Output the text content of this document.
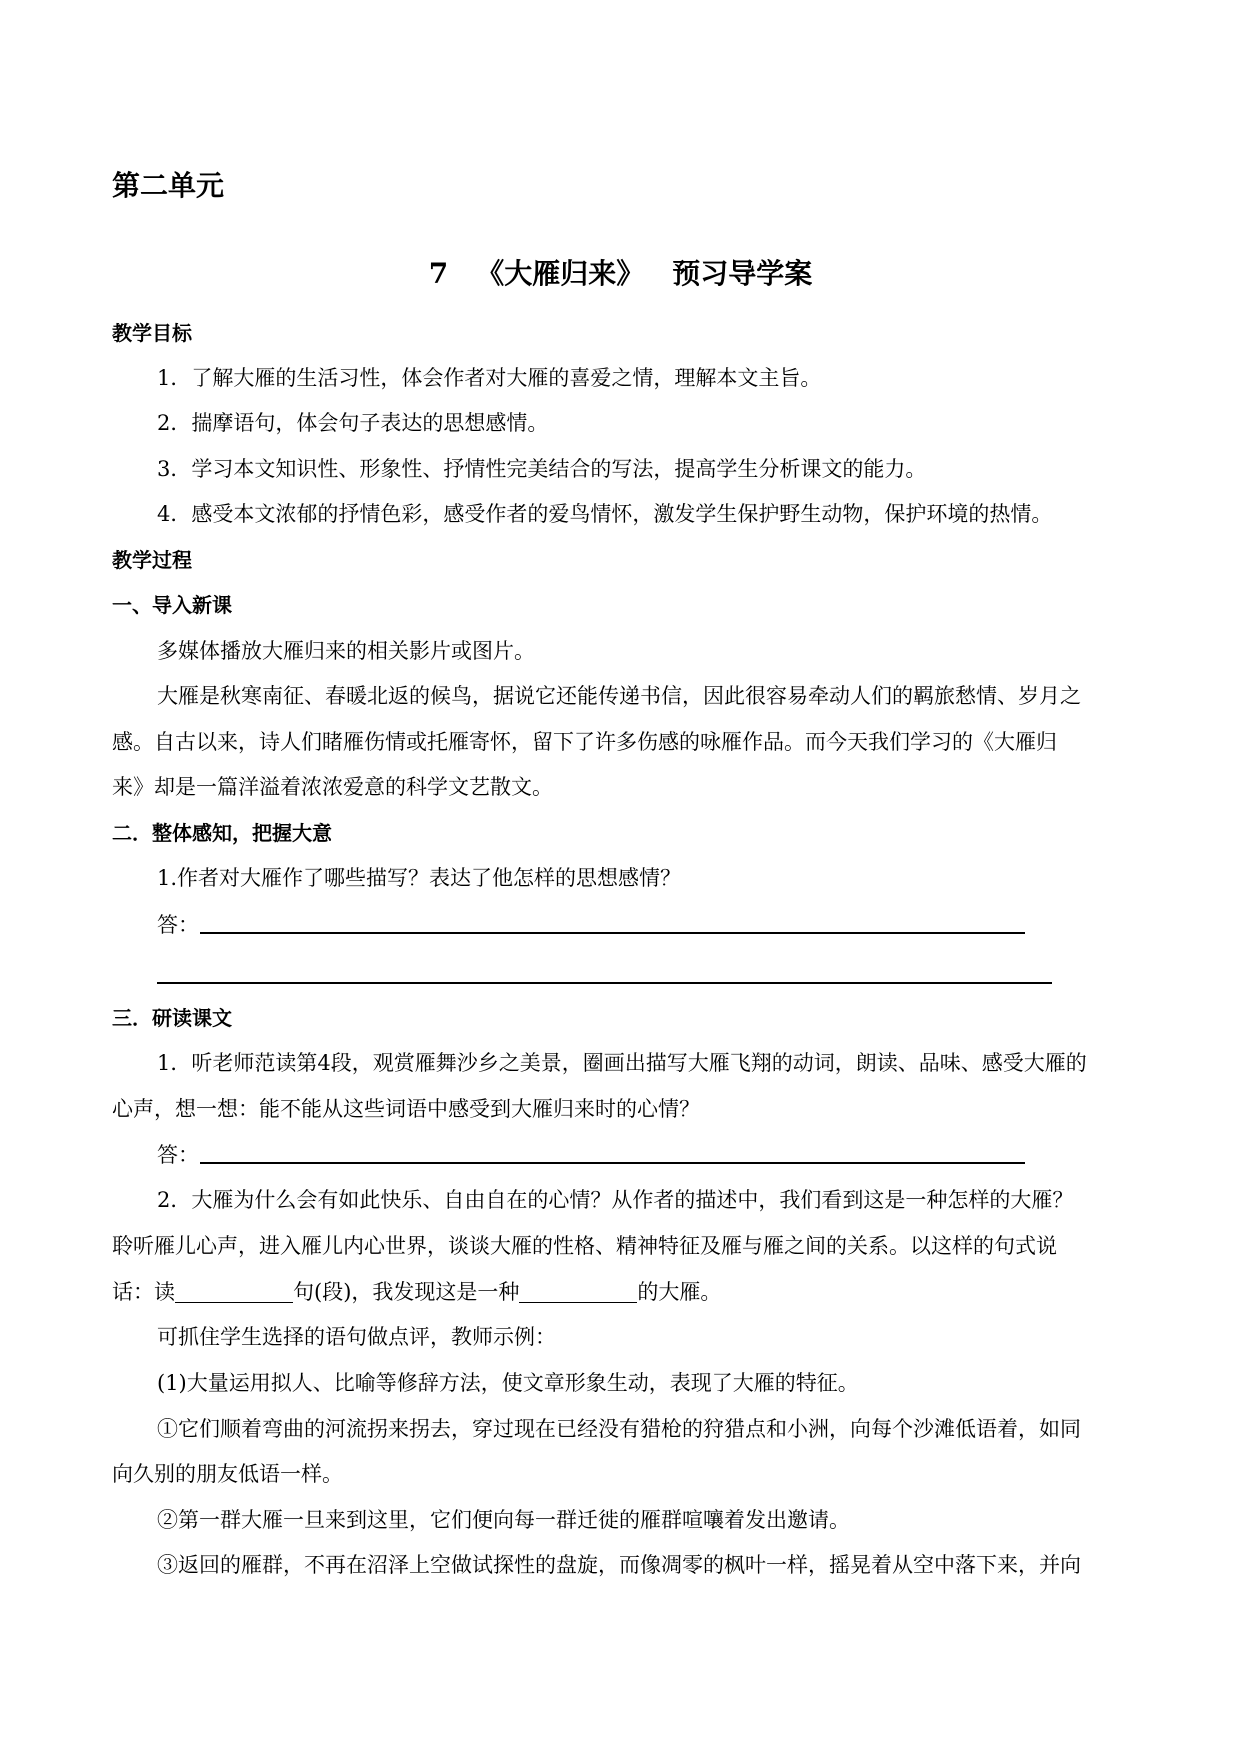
第二单元
7 《大雁归来》 预习导学案
教学目标
1．了解大雁的生活习性，体会作者对大雁的喜爱之情，理解本文主旨。
2．揣摩语句，体会句子表达的思想感情。
3．学习本文知识性、形象性、抒情性完美结合的写法，提高学生分析课文的能力。
4．感受本文浓郁的抒情色彩，感受作者的爱鸟情怀，激发学生保护野生动物，保护环境的热情。
教学过程
一、导入新课
多媒体播放大雁归来的相关影片或图片。
大雁是秋寒南征、春暖北返的候鸟，据说它还能传递书信，因此很容易牵动人们的羁旅愁情、岁月之
感。自古以来，诗人们睹雁伤情或托雁寄怀，留下了许多伤感的咏雁作品。而今天我们学习的《大雁归
来》却是一篇洋溢着浓浓爱意的科学文艺散文。
二．整体感知，把握大意
1.作者对大雁作了哪些描写？表达了他怎样的思想感情？
答：
三．研读课文
1．听老师范读第4段，观赏雁舞沙乡之美景，圈画出描写大雁飞翔的动词，朗读、品味、感受大雁的
心声，想一想：能不能从这些词语中感受到大雁归来时的心情？
答：
2．大雁为什么会有如此快乐、自由自在的心情？从作者的描述中，我们看到这是一种怎样的大雁？
聆听雁儿心声，进入雁儿内心世界，谈谈大雁的性格、精神特征及雁与雁之间的关系。以这样的句式说
话：读	句(段)，我发现这是一种	的大雁。
可抓住学生选择的语句做点评，教师示例：
(1)大量运用拟人、比喻等修辞方法，使文章形象生动，表现了大雁的特征。
①它们顺着弯曲的河流拐来拐去，穿过现在已经没有猎枪的狩猎点和小洲，向每个沙滩低语着，如同
向久别的朋友低语一样。
②第一群大雁一旦来到这里，它们便向每一群迁徙的雁群喧嚷着发出邀请。
③返回的雁群，不再在沼泽上空做试探性的盘旋，而像凋零的枫叶一样，摇晃着从空中落下来，并向
